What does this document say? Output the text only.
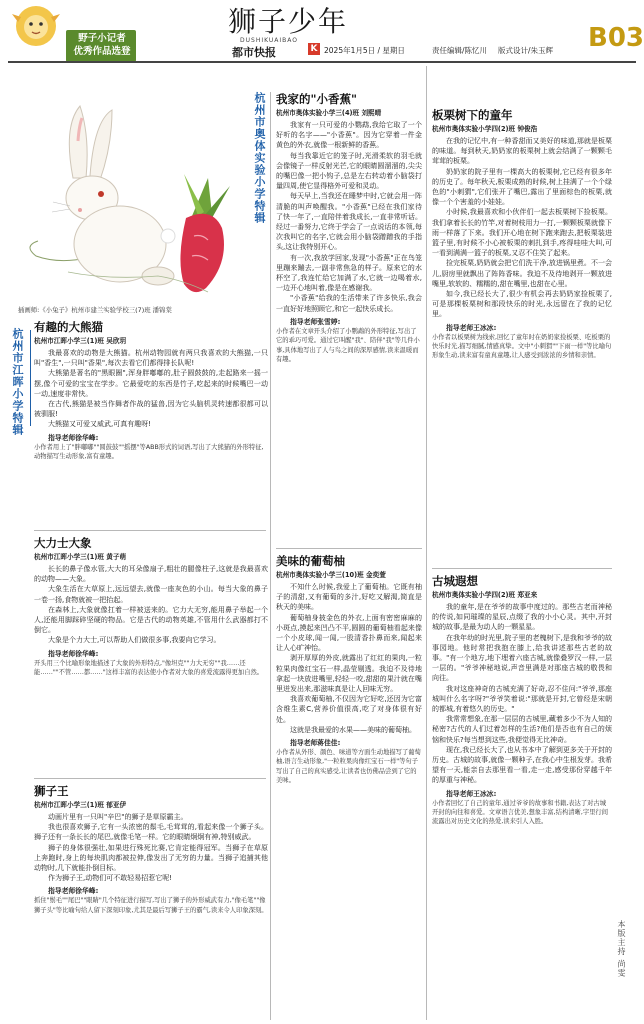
野子小记者
优秀作品选登
狮子少年
DUSHIKUAIBAO
都市快报	K 2025年1月5日 / 星期日	责任编辑/陈忆川 版式设计/朱玉辉 B03
插画师:《小兔子》杭州市建兰实验学校三(7)班 潘锦棠
杭州市奥体实验小学特辑
杭州市江晖小学特辑
本版主持 尚雯
有趣的大熊猫
杭州市江晖小学三(1)班 吴欣玥

我最喜欢的动物是大熊猫。杭州动物园就有两只我喜欢的大熊猫,一只叫"香生",一只叫"香果",每次去看它们都得排长队呢!

大熊猫是著名的"黑眼圈",浑身胖嘟嘟的,肚子圆鼓鼓的,走起路来一摇一摆,像个可爱的宝宝在学步。它最爱吃的东西是竹子,吃起来的时候嘴巴一动一动,速度非常快。

在古代,熊猫是被当作舞者作战的猛兽,因为它头脑机灵转速都很都可以被驯服!

大熊猫又可爱又威武,可真有趣呀!

指导老师徐华峰:

小作者用上了"胖嘟嘟""圆鼓鼓""摇摆"等ABB形式的词语,写出了大熊猫的外形特征,动物描写生动形象,富有童趣。

大力士大象
杭州市江晖小学三(1)班 黄子萌

长长的鼻子像水管,大大的耳朵像扇子,粗壮的腿像柱子,这就是我最喜欢的动物——大象。

大象生活在大草原上,远远望去,就像一座灰色的小山。每当大象的鼻子一卷一扬,食物就被一把抬起。

在森林上,大象就像扛着一样被送来的。它力大无穷,能用鼻子举起一个人,还能用脚踩碎坚硬的物品。它是古代的动物英雄,不管用什么武器都打不倒它。

大象是个力大士,可以帮助人们做很多事,我要向它学习。

指导老师徐华峰:

开头用三个比喻形象地描述了大象的外形特点,"像坦克""力大无穷""我……还能……""不管……都……"这样丰富的表达使小作者对大象的喜爱流露得更加自然。

狮子王
杭州市江晖小学三(1)班 郁亚伊

动画片里有一只叫"辛巴"的狮子是草原霸主。

我也很喜欢狮子,它有一头浓密的鬃毛,毛茸茸的,看起来像一个狮子头。狮子还有一条长长的尾巴,就像毛笔一样。它的眼睛炯炯有神,特别威武。

狮子的身体很强壮,如果进行殊死比赛,它肯定能得冠军。当狮子在草原上奔跑时,身上的每块肌肉都被拉伸,像发出了无穷的力量。当狮子追捕其他动物时,几下就能扑倒目标。

作为狮子王,动物们可不敢轻易招惹它呢!

指导老师徐华峰:

抓住"鬃毛""尾巴""眼睛"几个特征进行描写,写出了狮子的外形威武有力,"像毛笔""像狮子头"等比喻句给人留下深刻印象,尤其是最后写狮子王的霸气,读来令人印象深刻。

我家的"小香蕉"
杭州市奥体实验小学三(4)班 刘熙晴

我家有一只可爱的小鹦鹉,我给它取了一个好听的名字——"小香蕉"。因为它穿着一件金黄色的外衣,就像一根新鲜的香蕉。

每当我靠近它的笼子时,光滑柔软的羽毛就会像镜子一样反射光芒,它的眼睛圆溜溜的,尖尖的嘴巴像一把小钩子,总是左右转动着小脑袋打量四周,使它显得格外可爱和灵动。

每天早上,当我还在睡梦中时,它就会用一阵清脆的叫声唤醒我。"小香蕉"已经在我们家待了快一年了,一直陪伴着我成长,一直非常听话。经过一番努力,它终于学会了一点说话的本领,每次我叫它的名字,它就会用小脑袋蹭蹭我的手指头,这让我特别开心。

有一次,我放学回家,发现"小香蕉"正在鸟笼里蹦来蹦去,一副非常焦急的样子。原来它的水杯空了,我连忙给它加满了水,它就一边喝着水,一边开心地叫着,像是在感谢我。

"小香蕉"给我的生活带来了许多快乐,我会一直好好地照顾它,和它一起快乐成长。

指导老师张雪婷:

小作者在文章开头介绍了小鹦鹉的外形特征,写出了它的乖巧可爱。通过它叫醒"我"、陪伴"我"等几件小事,具体地写出了人与鸟之间的深厚感情,读来温暖而有趣。

美味的葡萄柚
杭州市奥体实验小学三(10)班 金奕萱

不知什么时候,我爱上了葡萄柚。它既有柚子的清甜,又有葡萄的多汁,好吃又解渴,简直是秋天的美味。

葡萄柚身披金色的外衣,上面有密密麻麻的小斑点,摸起来凹凸不平,圆圆的葡萄柚看起来像一个小皮球,闻一闻,一股清香扑鼻而来,闻起来让人心旷神怡。

剥开厚厚的外皮,就露出了红红的果肉,一粒粒果肉像红宝石一样,晶莹剔透。我迫不及待地拿起一块放进嘴里,轻轻一咬,甜甜的果汁就在嘴里迸发出来,那滋味真是让人回味无穷。

我喜欢葡萄柚,不仅因为它好吃,还因为它富含维生素C,营养价值很高,吃了对身体很有好处。

这就是我最爱的水果——美味的葡萄柚。

指导老师蒋佳佳:

小作者从外形、颜色、味道等方面生动地描写了葡萄柚,语言生动形象,"一粒粒果肉像红宝石一样"等句子写出了自己的真实感受,让读者也仿佛品尝到了它的美味。

板栗树下的童年
杭州市奥体实验小学四(2)班 钟俊浩

在我的记忆中,有一种香甜而又美好的味道,那就是板栗的味道。每到秋天,奶奶家的板栗树上就会结满了一颗颗毛茸茸的板栗。

奶奶家的院子里有一棵高大的板栗树,它已经有很多年的历史了。每年秋天,板栗成熟的时候,树上挂满了一个个绿色的"小刺猬",它们张开了嘴巴,露出了里面棕色的板栗,就像一个个害羞的小娃娃。

小时候,我最喜欢和小伙伴们一起去板栗树下捡板栗。我们拿着长长的竹竿,对着树枝用力一打,一颗颗板栗就像下雨一样落了下来。我们开心地在树下跑来跑去,把板栗装进篮子里,有时候不小心被板栗的刺扎到手,疼得哇哇大叫,可一看到满满一篮子的板栗,又忍不住笑了起来。

捡完板栗,奶奶就会把它们洗干净,放进锅里煮。不一会儿,厨房里就飘出了阵阵香味。我迫不及待地剥开一颗放进嘴里,软软的、糯糯的,甜在嘴里,也甜在心里。

如今,我已经长大了,很少有机会再去奶奶家捡板栗了,可是那棵板栗树和那段快乐的时光,永远留在了我的记忆里。

指导老师王冰冰:

小作者以板栗树为线索,回忆了童年时在奶奶家捡板栗、吃板栗的快乐时光,描写细腻,情感真挚。文中"小刺猬""下雨一样"等比喻句形象生动,读来富有童真童趣,让人感受到浓浓的乡情和亲情。

古城遐想
杭州市奥体实验小学四(2)班 郑亚来

我的童年,是在爷爷的故事中度过的。那些古老而神秘的传说,如同璀璨的星辰,点缀了我的小小心灵。其中,开封城的故事,是最为动人的一颗星星。

在我年幼的时光里,院子里的老槐树下,是我和爷爷的故事园地。他时常把我抱在膝上,给我讲述那些古老的故事。"有一个地方,地下埋着六座古城,就像叠罗汉一样,一层一层的。"爷爷神秘地说,声音里满是对那座古城的敬畏和向往。

我对这座神奇的古城充满了好奇,忍不住问:"爷爷,那座城叫什么名字呀?"爷爷笑着说:"那就是开封,它曾经是宋朝的都城,有着悠久的历史。"

我常常想象,在那一层层的古城里,藏着多少不为人知的秘密?古代的人们过着怎样的生活?他们是否也有自己的烦恼和快乐?每当想到这些,我便觉得无比神奇。

现在,我已经长大了,也从书本中了解到更多关于开封的历史。古城的故事,就像一颗种子,在我心中生根发芽。我希望有一天,能亲自去那里看一看,走一走,感受那份穿越千年的厚重与神秘。

指导老师王冰冰:

小作者回忆了自己的童年,通过爷爷的故事和书籍,表达了对古城开封的向往和喜爱。文章语言优美,想象丰富,结构清晰,字里行间流露出对历史文化的热爱,读来引人入胜。
